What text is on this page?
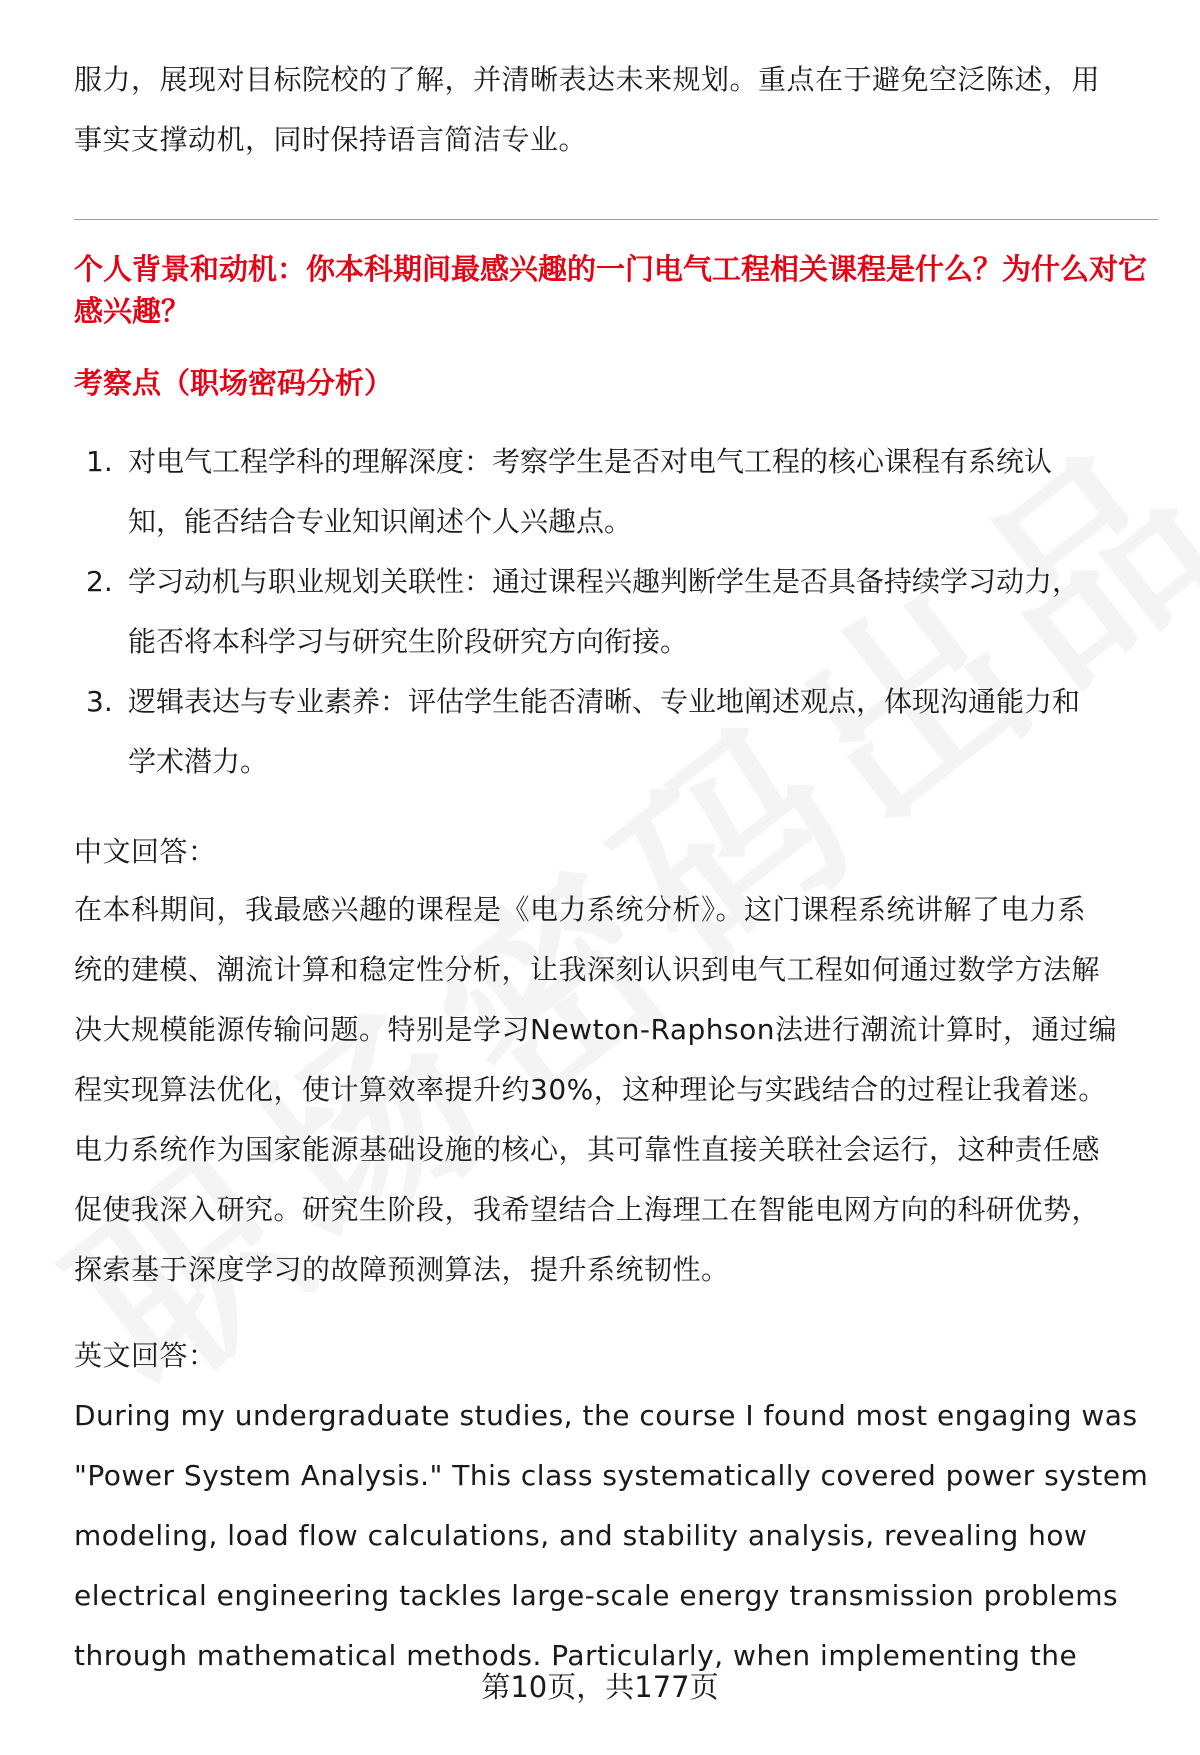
服力，展现对目标院校的了解，并清晰表达未来规划。重点在于避免空泛陈述，用

事实支撑动机，同时保持语言简洁专业。

个人背景和动机：你本科期间最感兴趣的一门电气工程相关课程是什么？为什么对它感兴趣？

考察点（职场密码分析）

1. 对电气工程学科的理解深度：考察学生是否对电气工程的核心课程有系统认
知，能否结合专业知识阐述个人兴趣点。
2. 学习动机与职业规划关联性：通过课程兴趣判断学生是否具备持续学习动力，
能否将本科学习与研究生阶段研究方向衔接。
3. 逻辑表达与专业素养：评估学生能否清晰、专业地阐述观点，体现沟通能力和
学术潜力。

中文回答：

在本科期间，我最感兴趣的课程是《电力系统分析》。这门课程系统讲解了电力系

统的建模、潮流计算和稳定性分析，让我深刻认识到电气工程如何通过数学方法解

决大规模能源传输问题。特别是学习Newton-Raphson法进行潮流计算时，通过编

程实现算法优化，使计算效率提升约30%，这种理论与实践结合的过程让我着迷。

电力系统作为国家能源基础设施的核心，其可靠性直接关联社会运行，这种责任感

促使我深入研究。研究生阶段，我希望结合上海理工在智能电网方向的科研优势，

探索基于深度学习的故障预测算法，提升系统韧性。

英文回答：

During my undergraduate studies, the course I found most engaging was

"Power System Analysis." This class systematically covered power system

modeling, load flow calculations, and stability analysis, revealing how

electrical engineering tackles large-scale energy transmission problems

through mathematical methods. Particularly, when implementing the

第10页，共177页
